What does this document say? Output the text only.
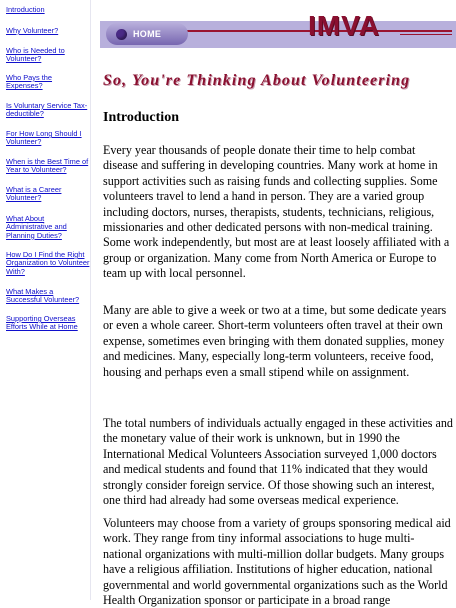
Introduction
Why Volunteer?
Who is Needed to Volunteer?
Who Pays the Expenses?
Is Voluntary Service Tax- deductible?
For How Long Should I Volunteer?
When is the Best Time of Year to Volunteer?
What is a Career Volunteer?
What About Administrative and Planning Duties?
How Do I Find the Right Organization to Volunteer With?
What Makes a Successful Volunteer?
Supporting Overseas Efforts While at Home
HOME	IMVA
So, You're Thinking About Volunteering
Introduction

Every year thousands of people donate their time to help combat disease and suffering in developing countries. Many work at home in support activities such as raising funds and collecting supplies. Some volunteers travel to lend a hand in person. They are a varied group including doctors, nurses, therapists, students, technicians, religious, missionaries and other dedicated persons with non-medical training. Some work independently, but most are at least loosely affiliated with a group or organization. Many come from North America or Europe to team up with local personnel.

Many are able to give a week or two at a time, but some dedicate years or even a whole career. Short-term volunteers often travel at their own expense, sometimes even bringing with them donated supplies, money and medicines. Many, especially long-term volunteers, receive food, housing and perhaps even a small stipend while on assignment.

The total numbers of individuals actually engaged in these activities and the monetary value of their work is unknown, but in 1990 the International Medical Volunteers Association surveyed 1,000 doctors and medical students and found that 11% indicated that they would strongly consider foreign service. Of those showing such an interest, one third had already had some overseas medical experience.

Volunteers may choose from a variety of groups sponsoring medical aid work. They range from tiny informal associations to huge multi-national organizations with multi-million dollar budgets. Many groups have a religious affiliation. Institutions of higher education, national governmental and world governmental organizations such as the World Health Organization sponsor or participate in a broad range
